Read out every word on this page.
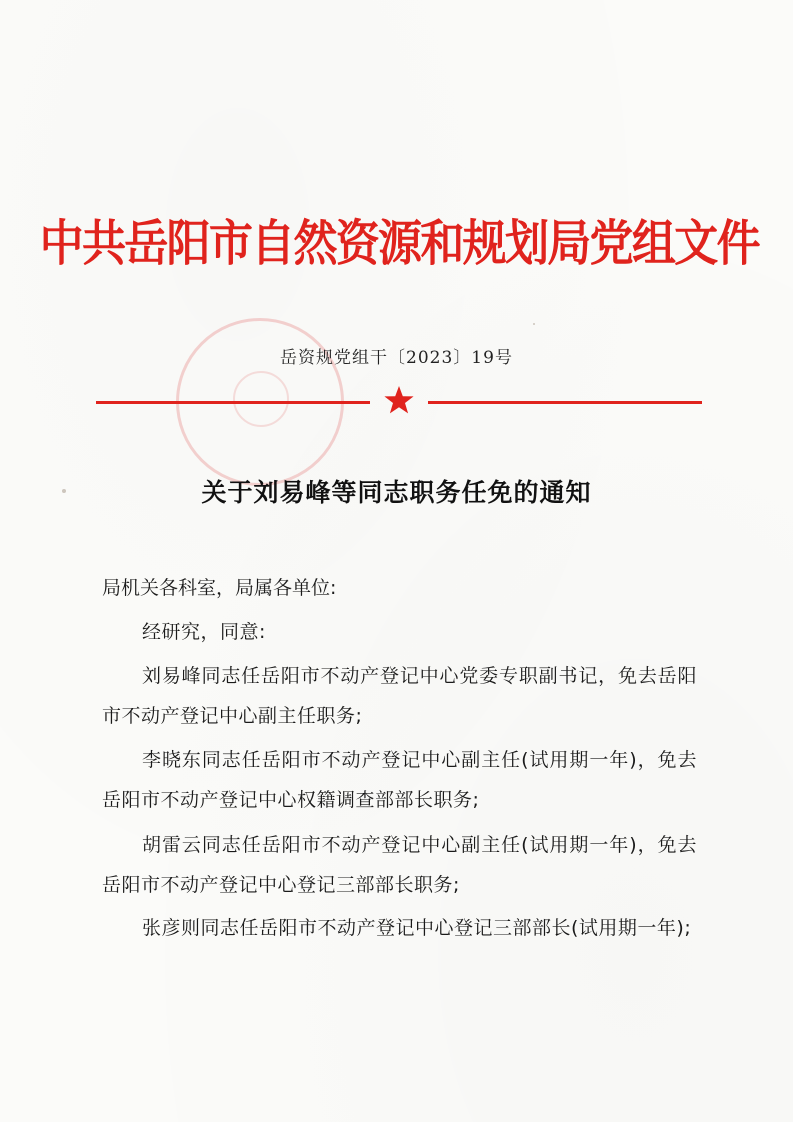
中共岳阳市自然资源和规划局党组文件
岳资规党组干〔2023〕19号
关于刘易峰等同志职务任免的通知
局机关各科室，局属各单位:
经研究，同意:
刘易峰同志任岳阳市不动产登记中心党委专职副书记，免去岳阳市不动产登记中心副主任职务;
李晓东同志任岳阳市不动产登记中心副主任(试用期一年)，免去岳阳市不动产登记中心权籍调查部部长职务;
胡雷云同志任岳阳市不动产登记中心副主任(试用期一年)，免去岳阳市不动产登记中心登记三部部长职务;
张彦则同志任岳阳市不动产登记中心登记三部部长(试用期一年);
